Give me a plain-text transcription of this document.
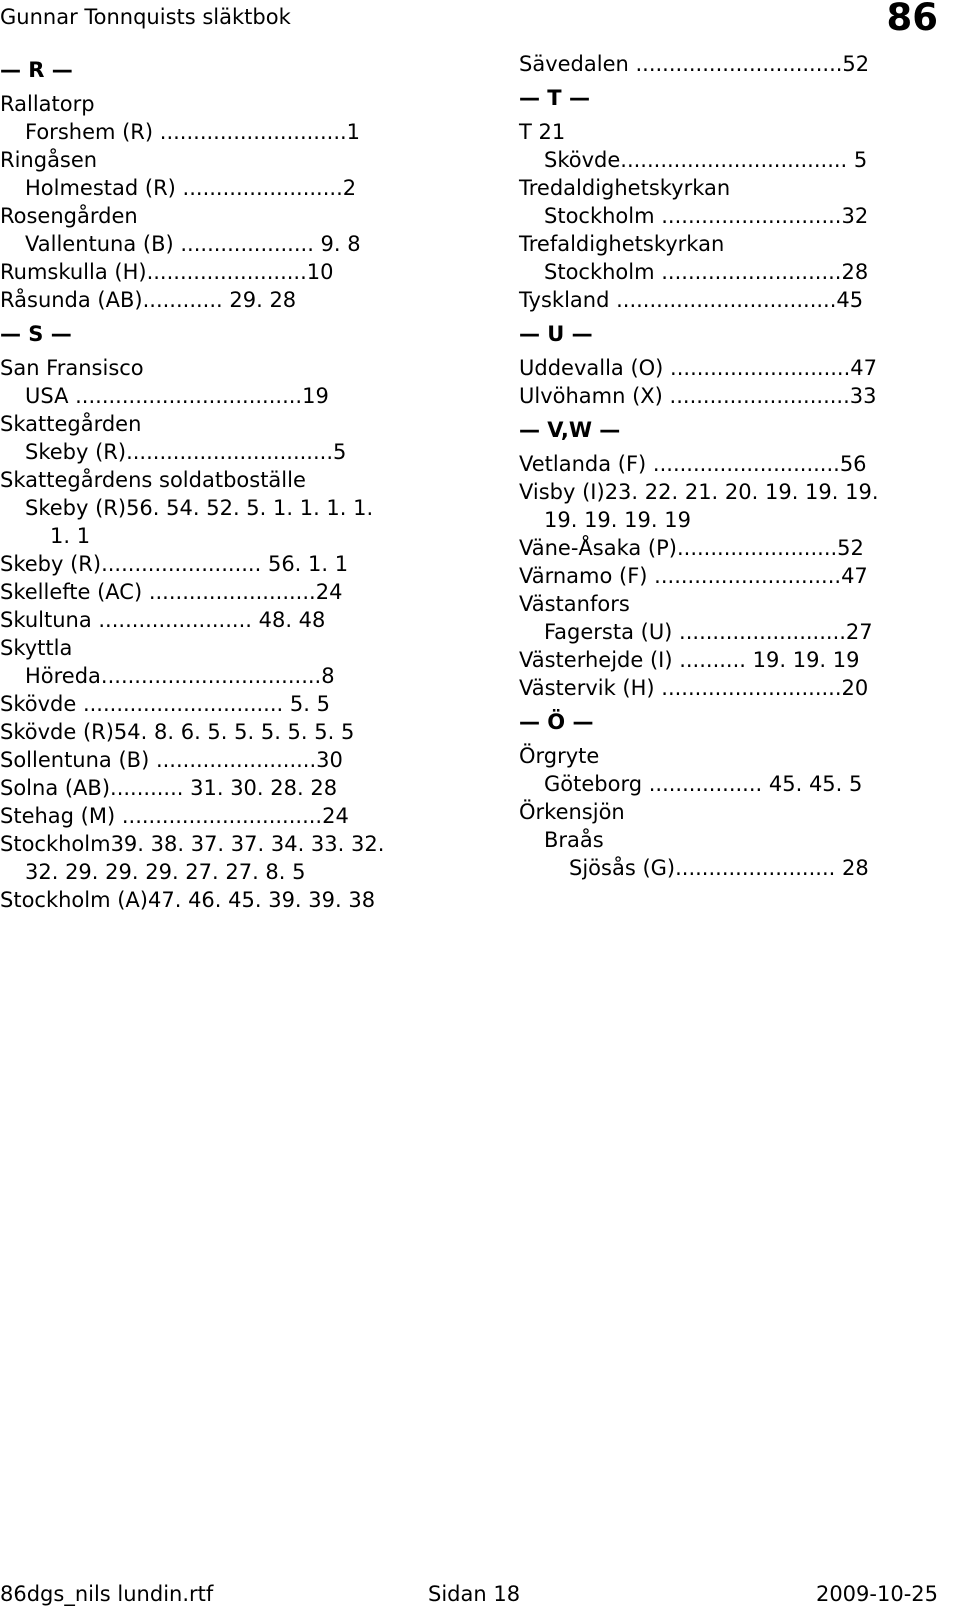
Gunnar Tonnquists släktbok	86
— R —
Rallatorp
Forshem (R) ............................1
Ringåsen
Holmestad (R) ........................2
Rosengården
Vallentuna (B) .................... 9. 8
Rumskulla (H)........................10
Råsunda (AB)............ 29. 28
— S —
San Fransisco
USA ..................................19
Skattegården
Skeby (R)...............................5
Skattegårdens soldatboställe
Skeby (R)56. 54. 52. 5. 1. 1. 1. 1.
1. 1
Skeby (R)........................ 56. 1. 1
Skellefte (AC) .........................24
Skultuna ....................... 48. 48
Skyttla
Höreda.................................8
Skövde .............................. 5. 5
Skövde (R)54. 8. 6. 5. 5. 5. 5. 5. 5
Sollentuna (B) ........................30
Solna (AB)........... 31. 30. 28. 28
Stehag (M) ..............................24
Stockholm39. 38. 37. 37. 34. 33. 32.
32. 29. 29. 29. 27. 27. 8. 5
Stockholm (A)47. 46. 45. 39. 39. 38
Sävedalen ...............................52
— T —
T 21
Skövde.................................. 5
Tredaldighetskyrkan
Stockholm ...........................32
Trefaldighetskyrkan
Stockholm ...........................28
Tyskland .................................45
— U —
Uddevalla (O) ...........................47
Ulvöhamn (X) ...........................33
— V,W —
Vetlanda (F) ............................56
Visby (I)23. 22. 21. 20. 19. 19. 19.
19. 19. 19. 19
Väne-Åsaka (P)........................52
Värnamo (F) ............................47
Västanfors
Fagersta (U) .........................27
Västerhejde (I) .......... 19. 19. 19
Västervik (H) ...........................20
— Ö —
Örgryte
Göteborg ................. 45. 45. 5
Örkensjön
Braås
Sjösås (G)........................ 28
86dgs_nils lundin.rtf	Sidan 18	2009-10-25
